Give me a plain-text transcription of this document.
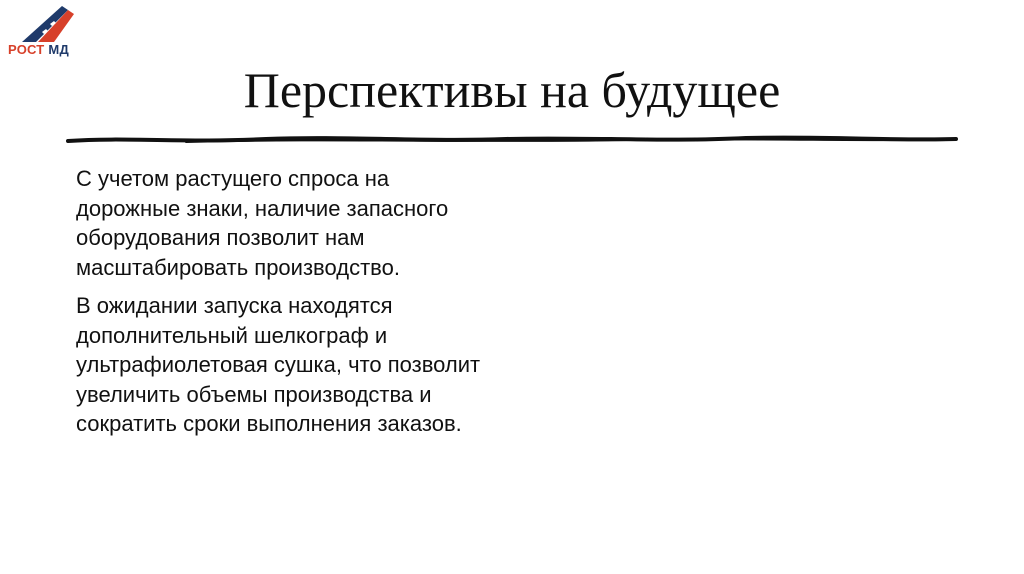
РОСТ МД
Перспективы на будущее

С учетом растущего спроса на дорожные знаки, наличие запасного оборудования позволит нам масштабировать производство.

В ожидании запуска находятся дополнительный шелкограф и ультрафиолетовая сушка, что позволит увеличить объемы производства и сократить сроки выполнения заказов.
